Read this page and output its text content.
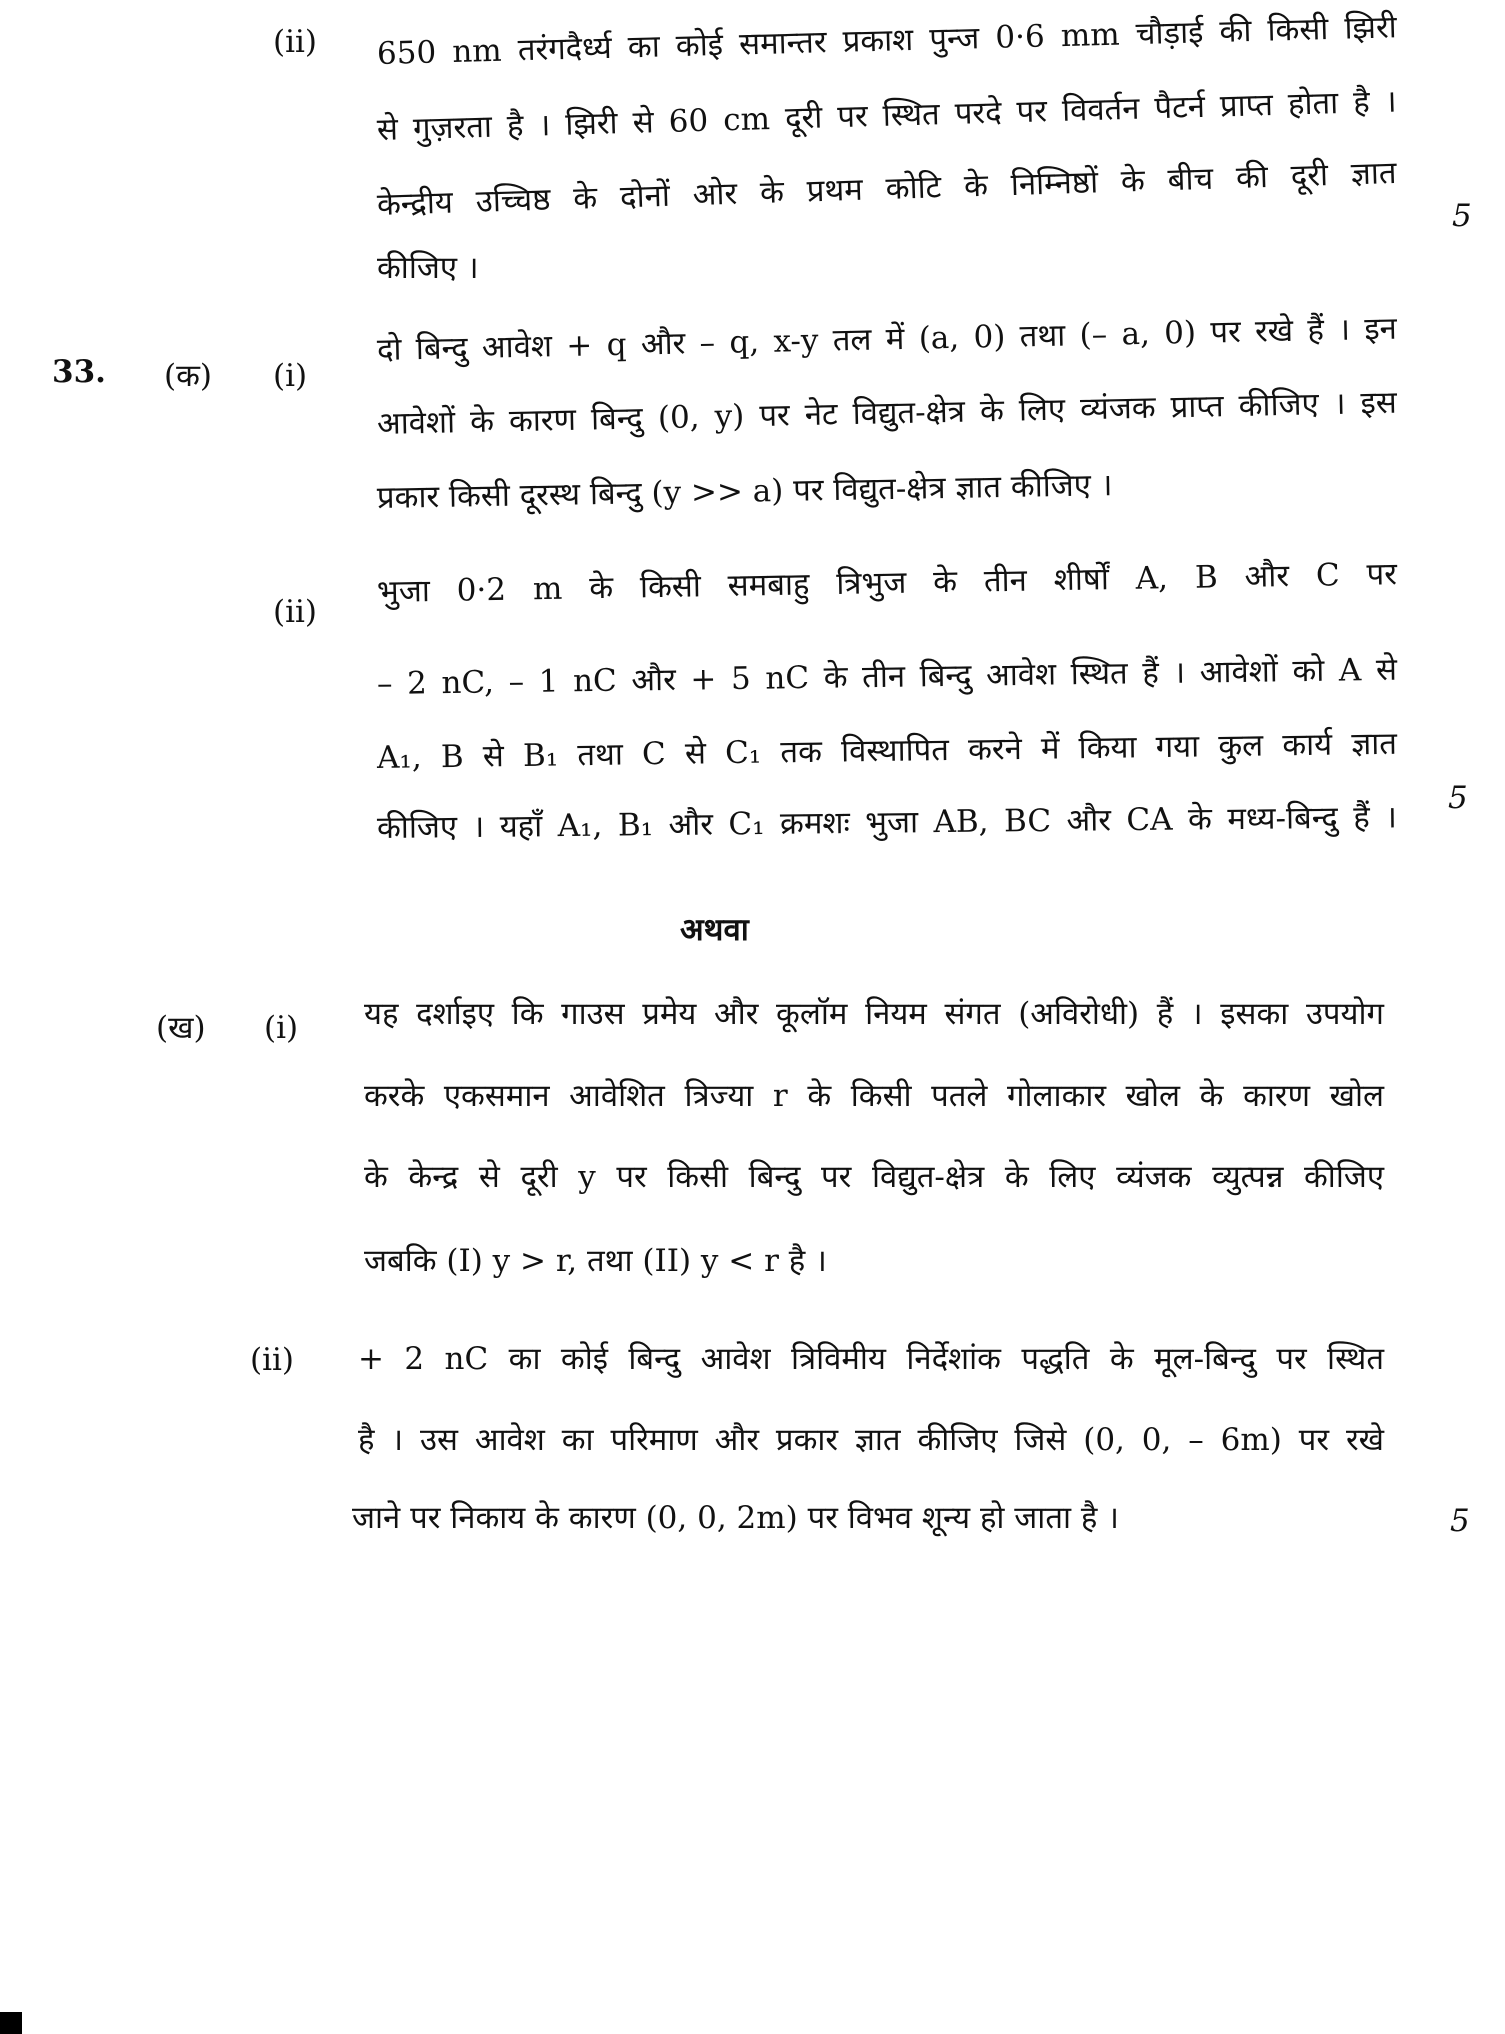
(ii) 650 nm तरंगदैर्ध्य का कोई समान्तर प्रकाश पुन्ज 0·6 mm चौड़ाई की किसी झिरी
से गुज़रता है । झिरी से 60 cm दूरी पर स्थित परदे पर विवर्तन पैटर्न प्राप्त होता है ।
केन्द्रीय उच्चिष्ठ के दोनों ओर के प्रथम कोटि के निम्निष्ठों के बीच की दूरी ज्ञात
कीजिए ।
5
33. (क) (i)
दो बिन्दु आवेश + q और – q, x-y तल में (a, 0) तथा (– a, 0) पर रखे हैं । इन
आवेशों के कारण बिन्दु (0, y) पर नेट विद्युत-क्षेत्र के लिए व्यंजक प्राप्त कीजिए । इस
प्रकार किसी दूरस्थ बिन्दु (y >> a) पर विद्युत-क्षेत्र ज्ञात कीजिए ।
(ii)
भुजा 0·2 m के किसी समबाहु त्रिभुज के तीन शीर्षों A, B और C पर
– 2 nC, – 1 nC और + 5 nC के तीन बिन्दु आवेश स्थित हैं । आवेशों को A से
A₁, B से B₁ तथा C से C₁ तक विस्थापित करने में किया गया कुल कार्य ज्ञात
कीजिए । यहाँ A₁, B₁ और C₁ क्रमशः भुजा AB, BC और CA के मध्य-बिन्दु हैं ।
5
अथवा
(ख) (i) यह दर्शाइए कि गाउस प्रमेय और कूलॉम नियम संगत (अविरोधी) हैं । इसका उपयोग
करके एकसमान आवेशित त्रिज्या r के किसी पतले गोलाकार खोल के कारण खोल
के केन्द्र से दूरी y पर किसी बिन्दु पर विद्युत-क्षेत्र के लिए व्यंजक व्युत्पन्न कीजिए
जबकि (I) y > r, तथा (II) y < r है ।
(ii) + 2 nC का कोई बिन्दु आवेश त्रिविमीय निर्देशांक पद्धति के मूल-बिन्दु पर स्थित
है । उस आवेश का परिमाण और प्रकार ज्ञात कीजिए जिसे (0, 0, – 6m) पर रखे
जाने पर निकाय के कारण (0, 0, 2m) पर विभव शून्य हो जाता है ।	5
